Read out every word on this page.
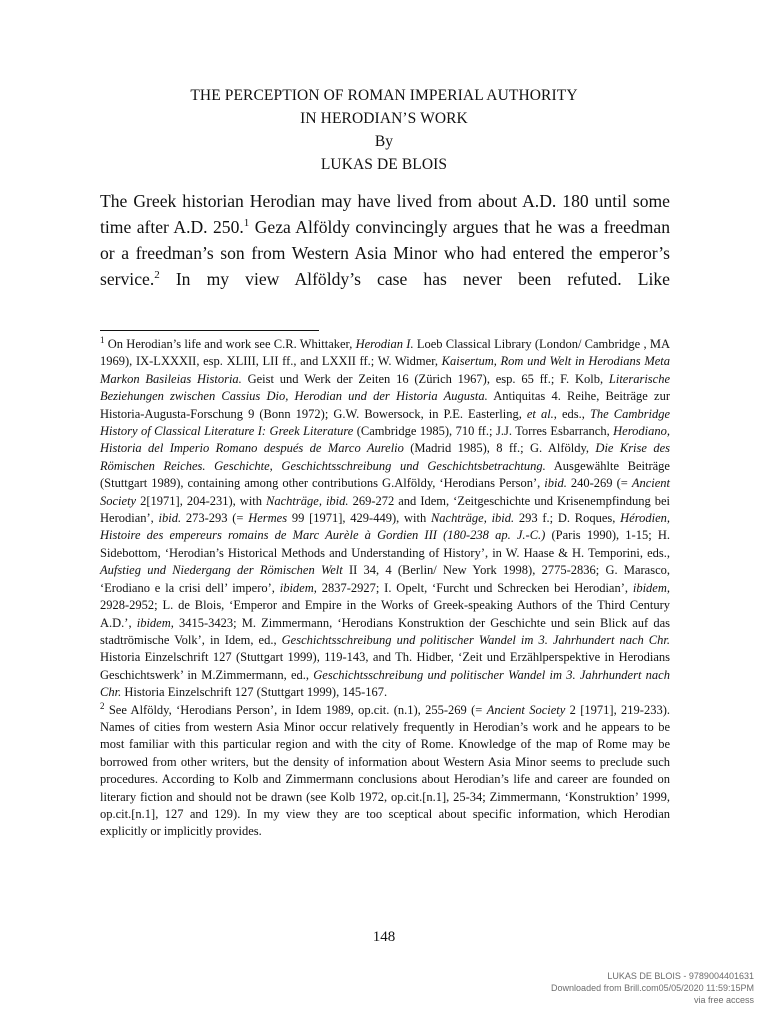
THE PERCEPTION OF ROMAN IMPERIAL AUTHORITY
IN HERODIAN’S WORK
By
LUKAS DE BLOIS
The Greek historian Herodian may have lived from about A.D. 180 until some time after A.D. 250.$^1$ Geza Alföldy convincingly argues that he was a freedman or a freedman’s son from Western Asia Minor who had entered the emperor’s service.$^2$ In my view Alföldy’s case has never been refuted. Like

$^1$ On Herodian’s life and work see C.R. Whittaker, Herodian I. Loeb Classical Library (London/ Cambridge , MA 1969), IX-LXXXII, esp. XLIII, LII ff., and LXXII ff.; W. Widmer, Kaisertum, Rom und Welt in Herodians Meta Markon Basileias Historia. Geist und Werk der Zeiten 16 (Zürich 1967), esp. 65 ff.; F. Kolb, Literarische Beziehungen zwischen Cassius Dio, Herodian und der Historia Augusta. Antiquitas 4. Reihe, Beiträge zur Historia-Augusta-Forschung 9 (Bonn 1972); G.W. Bowersock, in P.E. Easterling, et al., eds., The Cambridge History of Classical Literature I: Greek Literature (Cambridge 1985), 710 ff.; J.J. Torres Esbarranch, Herodiano, Historia del Imperio Romano después de Marco Aurelio (Madrid 1985), 8 ff.; G. Alföldy, Die Krise des Römischen Reiches. Geschichte, Geschichtsschreibung und Geschichtsbetrachtung. Ausgewählte Beiträge (Stuttgart 1989), containing among other contributions G.Alföldy, ‘Herodians Person’, ibid. 240-269 (= Ancient Society 2[1971], 204-231), with Nachträge, ibid. 269-272 and Idem, ‘Zeitgeschichte und Krisenempfindung bei Herodian’, ibid. 273-293 (= Hermes 99 [1971], 429-449), with Nachträge, ibid. 293 f.; D. Roques, Hérodien, Histoire des empereurs romains de Marc Aurèle à Gordien III (180-238 ap. J.-C.) (Paris 1990), 1-15; H. Sidebottom, ‘Herodian’s Historical Methods and Understanding of History’, in W. Haase & H. Temporini, eds., Aufstieg und Niedergang der Römischen Welt II 34, 4 (Berlin/ New York 1998), 2775-2836; G. Marasco, ‘Erodiano e la crisi dell’ impero’, ibidem, 2837-2927; I. Opelt, ‘Furcht und Schrecken bei Herodian’, ibidem, 2928-2952; L. de Blois, ‘Emperor and Empire in the Works of Greek-speaking Authors of the Third Century A.D.’, ibidem, 3415-3423; M. Zimmermann, ‘Herodians Konstruktion der Geschichte und sein Blick auf das stadtrömische Volk’, in Idem, ed., Geschichtsschreibung und politischer Wandel im 3. Jahrhundert nach Chr. Historia Einzelschrift 127 (Stuttgart 1999), 119-143, and Th. Hidber, ‘Zeit und Erzählperspektive in Herodians Geschichtswerk’ in M.Zimmermann, ed., Geschichtsschreibung und politischer Wandel im 3. Jahrhundert nach Chr. Historia Einzelschrift 127 (Stuttgart 1999), 145-167.

$^2$ See Alföldy, ‘Herodians Person’, in Idem 1989, op.cit. (n.1), 255-269 (= Ancient Society 2 [1971], 219-233). Names of cities from western Asia Minor occur relatively frequently in Herodian’s work and he appears to be most familiar with this particular region and with the city of Rome. Knowledge of the map of Rome may be borrowed from other writers, but the density of information about Western Asia Minor seems to preclude such procedures. According to Kolb and Zimmermann conclusions about Herodian’s life and career are founded on literary fiction and should not be drawn (see Kolb 1972, op.cit.[n.1], 25-34; Zimmermann, ‘Konstruktion’ 1999, op.cit.[n.1], 127 and 129). In my view they are too sceptical about specific information, which Herodian explicitly or implicitly provides.

148
LUKAS DE BLOIS - 9789004401631
Downloaded from Brill.com05/05/2020 11:59:15PM
via free access
